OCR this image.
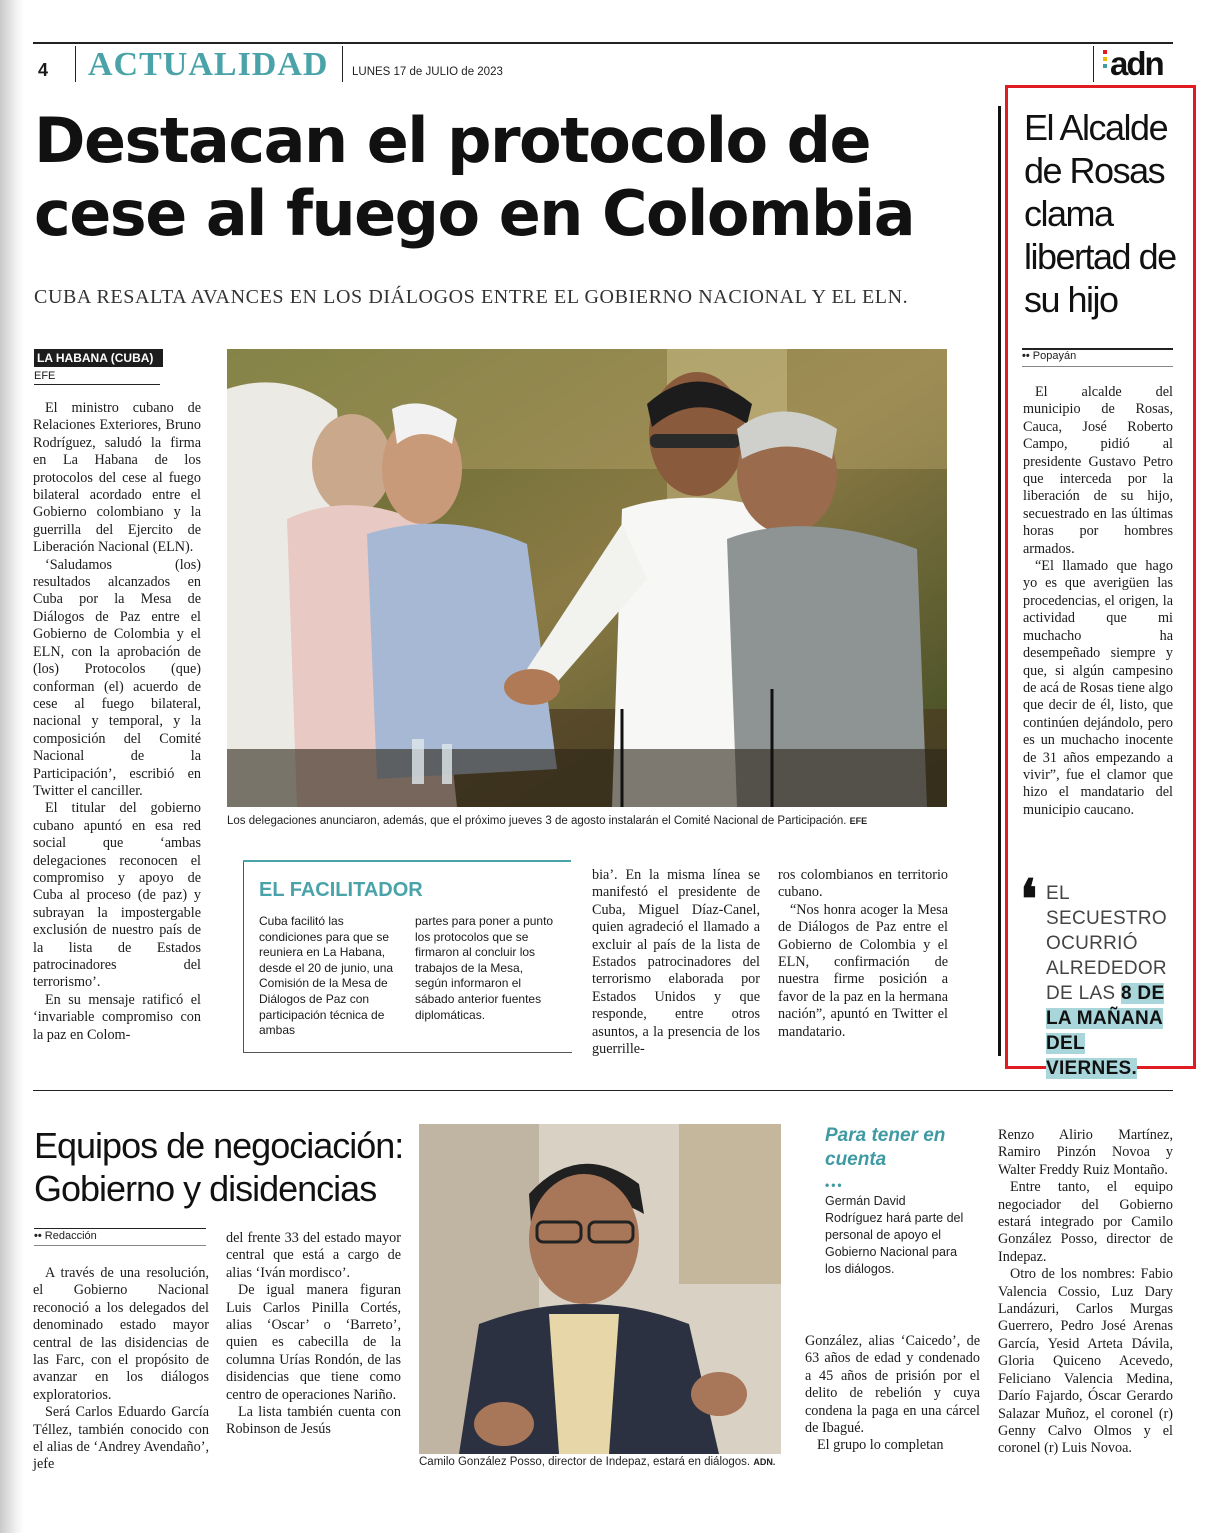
4 ACTUALIDAD LUNES 17 de JULIO de 2023	adn
Destacan el protocolo de cese al fuego en Colombia
CUBA RESALTA AVANCES EN LOS DIÁLOGOS ENTRE EL GOBIERNO NACIONAL Y EL ELN.
LA HABANA (CUBA)
EFE

El ministro cubano de Relaciones Exteriores, Bruno Rodríguez, saludó la firma en La Habana de los protocolos del cese al fuego bilateral acordado entre el Gobierno colombiano y la guerrilla del Ejercito de Liberación Nacional (ELN).

‘Saludamos (los) resultados alcanzados en Cuba por la Mesa de Diálogos de Paz entre el Gobierno de Colombia y el ELN, con la aprobación de (los) Protocolos (que) conforman (el) acuerdo de cese al fuego bilateral, nacional y temporal, y la composición del Comité Nacional de la Participación’, escribió en Twitter el canciller.

El titular del gobierno cubano apuntó en esa red social que ‘ambas delegaciones reconocen el compromiso y apoyo de Cuba al proceso (de paz) y subrayan la impostergable exclusión de nuestro país de la lista de Estados patrocinadores del terrorismo’.

En su mensaje ratificó el ‘invariable compromiso con la paz en Colom-

Los delegaciones anunciaron, además, que el próximo jueves 3 de agosto instalarán el Comité Nacional de Participación. EFE
EL FACILITADOR

Cuba facilitó las condiciones para que se reuniera en La Habana, desde el 20 de junio, una Comisión de la Mesa de Diálogos de Paz con participación técnica de ambas

partes para poner a punto los protocolos que se firmaron al concluir los trabajos de la Mesa, según informaron el sábado anterior fuentes diplomáticas.

bia’. En la misma línea se manifestó el presidente de Cuba, Miguel Díaz-Canel, quien agradeció el llamado a excluir al país de la lista de Estados patrocinadores del terrorismo elaborada por Estados Unidos y que responde, entre otros asuntos, a la presencia de los guerrille-

ros colombianos en territorio cubano.

“Nos honra acoger la Mesa de Diálogos de Paz entre el Gobierno de Colombia y el ELN, confirmación de nuestra firme posición a favor de la paz en la hermana nación”, apuntó en Twitter el mandatario.

El Alcalde de Rosas clama libertad de su hijo
•• Popayán

El alcalde del municipio de Rosas, Cauca, José Roberto Campo, pidió al presidente Gustavo Petro que interceda por la liberación de su hijo, secuestrado en las últimas horas por hombres armados.

“El llamado que hago yo es que averigüen las procedencias, el origen, la actividad que mi muchacho ha desempeñado siempre y que, si algún campesino de acá de Rosas tiene algo que decir de él, listo, que continúen dejándolo, pero es un muchacho inocente de 31 años empezando a vivir”, fue el clamor que hizo el mandatario del municipio caucano.

❛ EL SECUESTRO OCURRIÓ ALREDEDOR DE LAS 8 DE
LA MAÑANA
DEL
VIERNES.
Equipos de negociación: Gobierno y disidencias
•• Redacción

A través de una resolución, el Gobierno Nacional reconoció a los delegados del denominado estado mayor central de las disidencias de las Farc, con el propósito de avanzar en los diálogos exploratorios.

Será Carlos Eduardo García Téllez, también conocido con el alias de ‘Andrey Avendaño’, jefe

del frente 33 del estado mayor central que está a cargo de alias ‘Iván mordisco’.

De igual manera figuran Luis Carlos Pinilla Cortés, alias ‘Oscar’ o ‘Barreto’, quien es cabecilla de la columna Urías Rondón, de las disidencias que tiene como centro de operaciones Nariño.

La lista también cuenta con Robinson de Jesús

Camilo González Posso, director de Indepaz, estará en diálogos. ADN.
Para tener en cuenta
•••
Germán David Rodríguez hará parte del personal de apoyo el Gobierno Nacional para los diálogos.

González, alias ‘Caicedo’, de 63 años de edad y condenado a 45 años de prisión por el delito de rebelión y cuya condena la paga en una cárcel de Ibagué.

El grupo lo completan

Renzo Alirio Martínez, Ramiro Pinzón Novoa y Walter Freddy Ruiz Montaño.

Entre tanto, el equipo negociador del Gobierno estará integrado por Camilo González Posso, director de Indepaz.

Otro de los nombres: Fabio Valencia Cossio, Luz Dary Landázuri, Carlos Murgas Guerrero, Pedro José Arenas García, Yesid Arteta Dávila, Gloria Quiceno Acevedo, Feliciano Valencia Medina, Darío Fajardo, Óscar Gerardo Salazar Muñoz, el coronel (r) Genny Calvo Olmos y el coronel (r) Luis Novoa.
